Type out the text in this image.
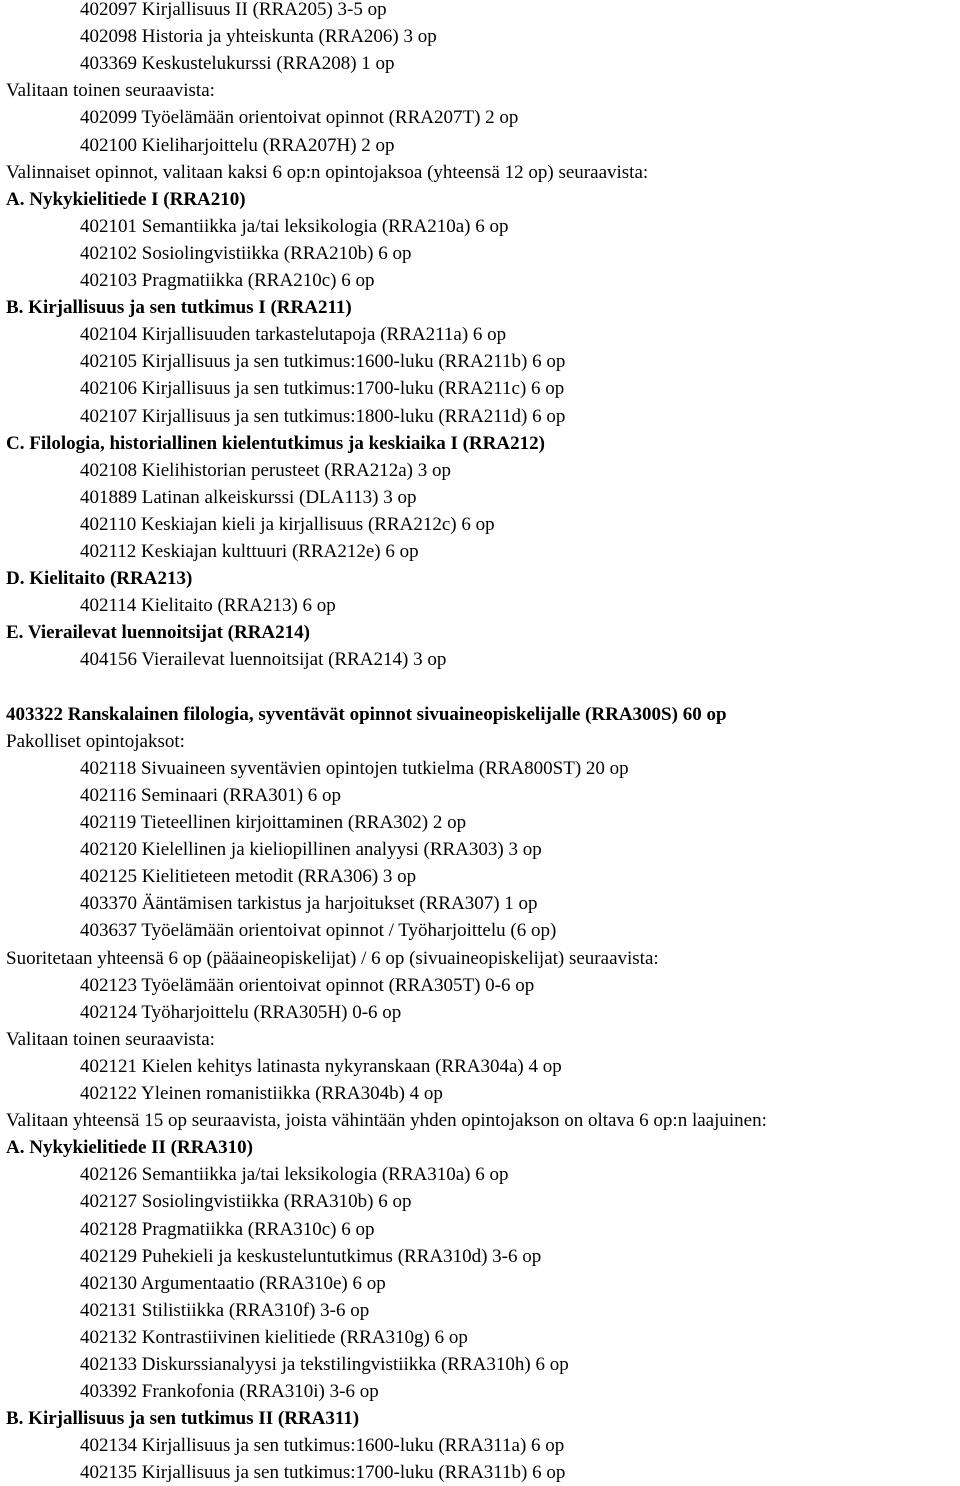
402097 Kirjallisuus II (RRA205) 3-5 op

402098 Historia ja yhteiskunta (RRA206) 3 op

403369 Keskustelukurssi (RRA208) 1 op

Valitaan toinen seuraavista:

402099 Työelämään orientoivat opinnot (RRA207T) 2 op

402100 Kieliharjoittelu (RRA207H) 2 op

Valinnaiset opinnot, valitaan kaksi 6 op:n opintojaksoa (yhteensä 12 op) seuraavista:

A. Nykykielitiede I (RRA210)

402101 Semantiikka ja/tai leksikologia (RRA210a) 6 op

402102 Sosiolingvistiikka (RRA210b) 6 op

402103 Pragmatiikka (RRA210c) 6 op

B. Kirjallisuus ja sen tutkimus I (RRA211)

402104 Kirjallisuuden tarkastelutapoja (RRA211a) 6 op

402105 Kirjallisuus ja sen tutkimus:1600-luku (RRA211b) 6 op

402106 Kirjallisuus ja sen tutkimus:1700-luku (RRA211c) 6 op

402107 Kirjallisuus ja sen tutkimus:1800-luku (RRA211d) 6 op

C. Filologia, historiallinen kielentutkimus ja keskiaika I (RRA212)

402108 Kielihistorian perusteet (RRA212a) 3 op

401889 Latinan alkeiskurssi (DLA113) 3 op

402110 Keskiajan kieli ja kirjallisuus (RRA212c) 6 op

402112 Keskiajan kulttuuri (RRA212e) 6 op

D. Kielitaito (RRA213)

402114 Kielitaito (RRA213) 6 op

E. Vierailevat luennoitsijat (RRA214)

404156 Vierailevat luennoitsijat (RRA214) 3 op

403322 Ranskalainen filologia, syventävät opinnot sivuaineopiskelijalle (RRA300S) 60 op

Pakolliset opintojaksot:

402118 Sivuaineen syventävien opintojen tutkielma (RRA800ST) 20 op

402116 Seminaari (RRA301) 6 op

402119 Tieteellinen kirjoittaminen (RRA302) 2 op

402120 Kielellinen ja kieliopillinen analyysi (RRA303) 3 op

402125 Kielitieteen metodit (RRA306) 3 op

403370 Ääntämisen tarkistus ja harjoitukset (RRA307) 1 op

403637 Työelämään orientoivat opinnot / Työharjoittelu (6 op)

Suoritetaan yhteensä 6 op (pääaineopiskelijat) / 6 op (sivuaineopiskelijat) seuraavista:

402123 Työelämään orientoivat opinnot (RRA305T) 0-6 op

402124 Työharjoittelu (RRA305H) 0-6 op

Valitaan toinen seuraavista:

402121 Kielen kehitys latinasta nykyranskaan (RRA304a) 4 op

402122 Yleinen romanistiikka (RRA304b) 4 op

Valitaan yhteensä 15 op seuraavista, joista vähintään yhden opintojakson on oltava 6 op:n laajuinen:

A. Nykykielitiede II (RRA310)

402126 Semantiikka ja/tai leksikologia (RRA310a) 6 op

402127 Sosiolingvistiikka (RRA310b) 6 op

402128 Pragmatiikka (RRA310c) 6 op

402129 Puhekieli ja keskusteluntutkimus (RRA310d) 3-6 op

402130 Argumentaatio (RRA310e) 6 op

402131 Stilistiikka (RRA310f) 3-6 op

402132 Kontrastiivinen kielitiede (RRA310g) 6 op

402133 Diskurssianalyysi ja tekstilingvistiikka (RRA310h) 6 op

403392 Frankofonia (RRA310i) 3-6 op

B. Kirjallisuus ja sen tutkimus II (RRA311)

402134 Kirjallisuus ja sen tutkimus:1600-luku (RRA311a) 6 op

402135 Kirjallisuus ja sen tutkimus:1700-luku (RRA311b) 6 op
